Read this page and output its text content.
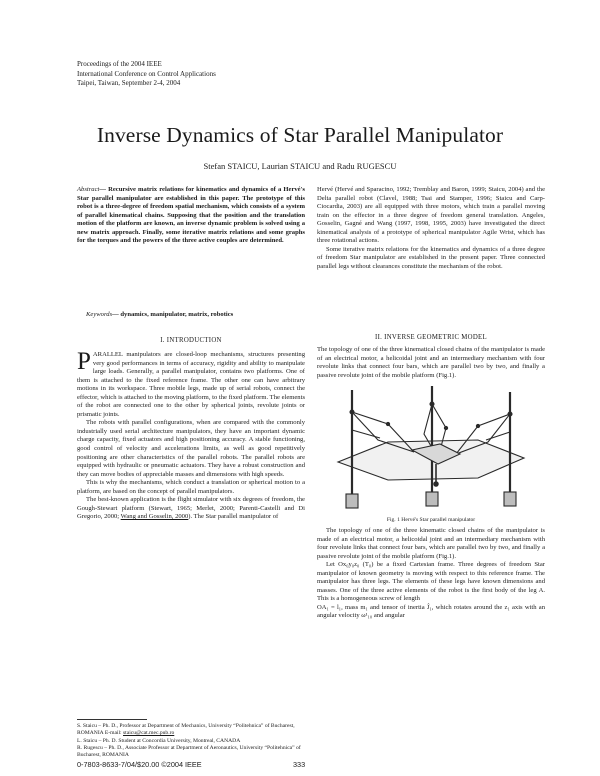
Proceedings of the 2004 IEEE
International Conference on Control Applications
Taipei, Taiwan, September 2-4, 2004
Inverse Dynamics of Star Parallel Manipulator
Stefan STAICU, Laurian STAICU and Radu RUGESCU
Abstract— Recursive matrix relations for kinematics and dynamics of a Hervé's Star parallel manipulator are established in this paper. The prototype of this robot is a three-degree of freedom spatial mechanism, which consists of a system of parallel kinematical chains. Supposing that the position and the translation motion of the platform are known, an inverse dynamic problem is solved using a new matrix approach. Finally, some iterative matrix relations and some graphs for the torques and the powers of the three active couples are determined.
Keywords— dynamics, manipulator, matrix, robotics
I. INTRODUCTION

PARALLEL manipulators are closed-loop mechanisms, structures presenting very good performances in terms of accuracy, rigidity and ability to manipulate large loads. Generally, a parallel manipulator, contains two platforms. One of them is attached to the fixed reference frame. The other one can have arbitrary motions in its workspace. Three mobile legs, made up of serial robots, connect the effector, which is attached to the moving platform, to the fixed platform. The elements of the robot are connected one to the other by spherical joints, revolute joints or prismatic joints.

The robots with parallel configurations, when are compared with the commonly industrially used serial architecture manipulators, they have an important dynamic charge capacity, fixed actuators and high positioning accuracy. A stable functioning, good control of velocity and accelerations limits, as well as good repetitively positioning are other characteristics of the parallel robots. The parallel robots are equipped with hydraulic or pneumatic actuators. They have a robust construction and they can move bodies of appreciable masses and dimensions with high speeds.

This is why the mechanisms, which conduct a translation or spherical motion to a platform, are based on the concept of parallel manipulators.

The best-known application is the flight simulator with six degrees of freedom, the Gough-Stewart platform (Stewart, 1965; Merlet, 2000; Parenti-Castelli and Di Gregorio, 2000; Wang and Gosselin, 2000). The Star parallel manipulator of

S. Staicu – Ph. D., Professor at Department of Mechanics, University “Politehnica” of Bucharest, ROMANIA E-mail: staicu@cat.mec.pub.ro
L. Staicu – Ph. D. Student at Concordia University, Montreal, CANADA
R. Rugescu – Ph. D., Associate Professor at Department of Aeronautics, University “Politehnica” of Bucharest, ROMANIA

Hervé (Hervé and Sparacino, 1992; Tremblay and Baron, 1999; Staicu, 2004) and the Delta parallel robot (Clavel, 1988; Tsai and Stamper, 1996; Staicu and Carp-Ciocardia, 2003) are all equipped with three motors, which train a parallel moving train on the effector in a three degree of freedom general translation. Angeles, Gosselin, Gagné and Wang (1997, 1998, 1995, 2003) have investigated the direct kinematical analysis of a prototype of spherical manipulator Agile Wrist, which has three rotational actions.

Some iterative matrix relations for the kinematics and dynamics of a three degree of freedom Star manipulator are established in the present paper. Three connected parallel legs without clearances constitute the mechanism of the robot.

II. INVERSE GEOMETRIC MODEL
The topology of one of the three kinematical closed chains of the manipulator is made of an electrical motor, a helicoidal joint and an intermediary mechanism with four revolute links that connect four bars, which are parallel two by two, and finally a passive revolute joint of the mobile platform (Fig.1).
Fig. 1 Hervé's Star parallel manipulator

The topology of one of the three kinematic closed chains of the manipulator is made of an electrical motor, a helicoidal joint and an intermediary mechanism with four revolute links that connect four bars, which are parallel two by two, and finally a passive revolute joint of the mobile platform (Fig.1).

Let Ox₀y₀z₀ (T₀) be a fixed Cartesian frame. Three degrees of freedom Star manipulator of known geometry is moving with respect to this reference frame. The manipulator has three legs. The elements of these legs have known dimensions and masses. One of the three active elements of the robot is the first body of the leg A. This is a homogeneous screw of length

OA₁ = l₁, mass m₁ and tensor of inertia Ĵ₁, which rotates around the z₁ axis with an angular velocity ω¹₁₀ and angular

0-7803-8633-7/04/$20.00 ©2004 IEEE	333
